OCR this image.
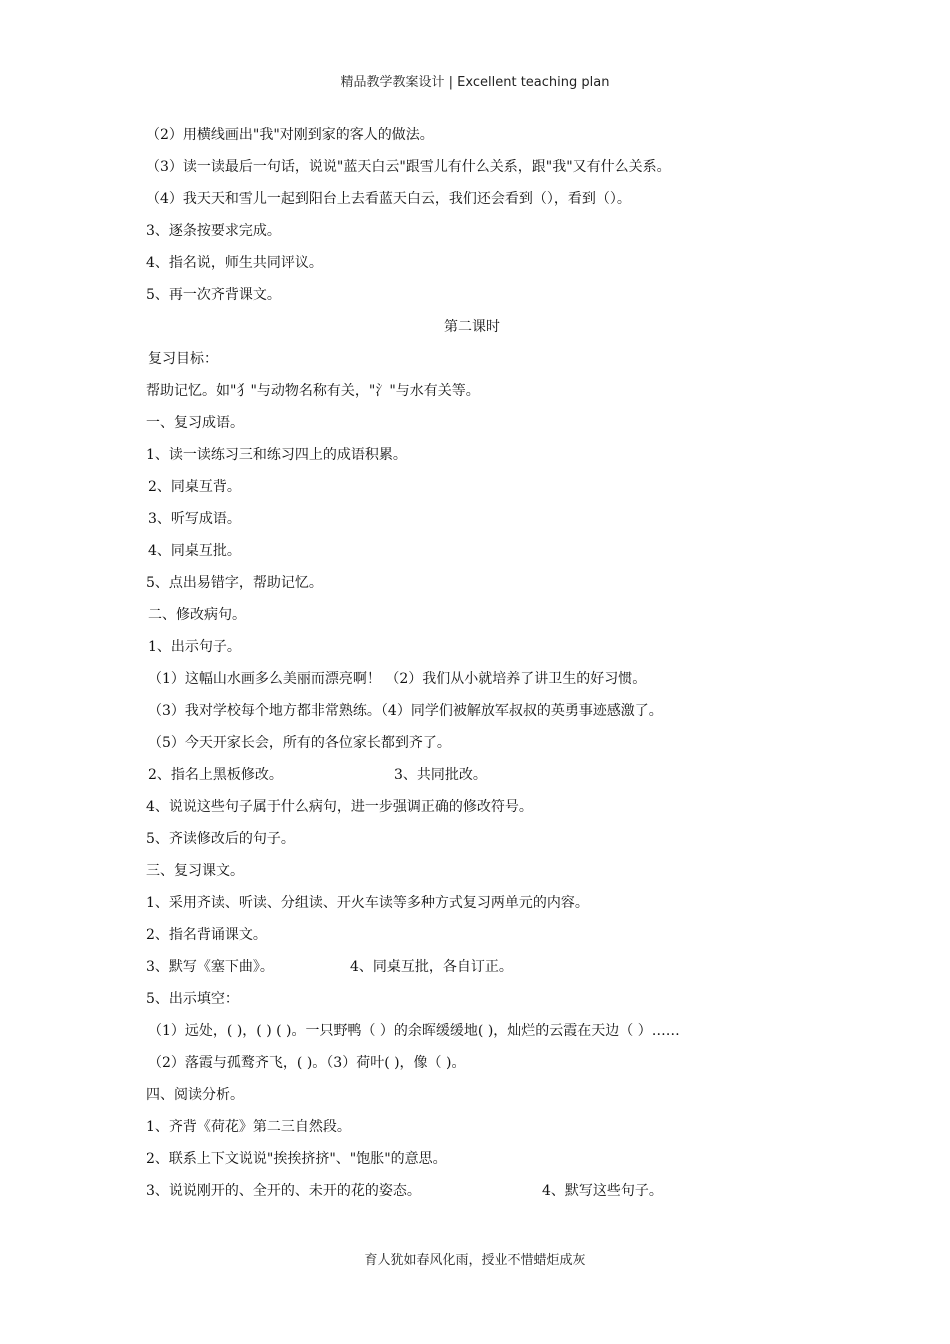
精品教学教案设计 | Excellent teaching plan
（2）用横线画出"我"对刚到家的客人的做法。
（3）读一读最后一句话，说说"蓝天白云"跟雪儿有什么关系，跟"我"又有什么关系。
（4）我天天和雪儿一起到阳台上去看蓝天白云，我们还会看到（），看到（）。
3、逐条按要求完成。
4、指名说，师生共同评议。
5、再一次齐背课文。
第二课时
复习目标：
帮助记忆。如"犭"与动物名称有关，"氵"与水有关等。
一、复习成语。
1、读一读练习三和练习四上的成语积累。
2、同桌互背。
3、听写成语。
4、同桌互批。
5、点出易错字，帮助记忆。
二、修改病句。
1、出示句子。
（1）这幅山水画多么美丽而漂亮啊！ （2）我们从小就培养了讲卫生的好习惯。
（3）我对学校每个地方都非常熟练。（4）同学们被解放军叔叔的英勇事迹感激了。
（5）今天开家长会，所有的各位家长都到齐了。
2、指名上黑板修改。	3、共同批改。
4、说说这些句子属于什么病句，进一步强调正确的修改符号。
5、齐读修改后的句子。
三、复习课文。
1、采用齐读、听读、分组读、开火车读等多种方式复习两单元的内容。
2、指名背诵课文。
3、默写《塞下曲》。	4、同桌互批，各自订正。
5、出示填空：
（1）远处，( )，( ) ( )。一只野鸭（ ）的余晖缓缓地( )，灿烂的云霞在天边（ ）……
（2）落霞与孤鹜齐飞，( )。（3）荷叶( )，像（ )。
四、阅读分析。
1、齐背《荷花》第二三自然段。
2、联系上下文说说"挨挨挤挤"、"饱胀"的意思。
3、说说刚开的、全开的、未开的花的姿态。	4、默写这些句子。
育人犹如春风化雨，授业不惜蜡炬成灰
